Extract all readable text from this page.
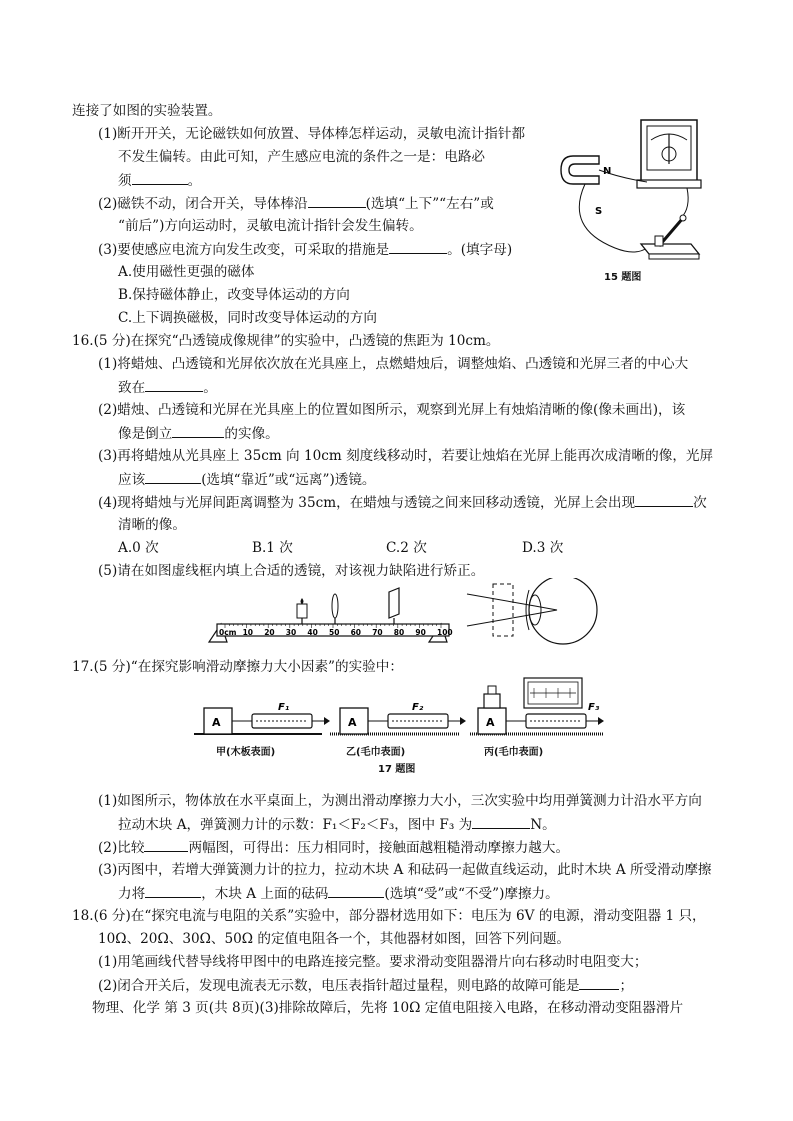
连接了如图的实验装置。
(1)断开开关，无论磁铁如何放置、导体棒怎样运动，灵敏电流计指针都
不发生偏转。由此可知，产生感应电流的条件之一是：电路必
须	。
(2)磁铁不动，闭合开关，导体棒沿	(选填“上下”“左右”或
“前后”)方向运动时，灵敏电流计指针会发生偏转。
(3)要使感应电流方向发生改变，可采取的措施是	。(填字母)
A.使用磁性更强的磁体
B.保持磁体静止，改变导体运动的方向
C.上下调换磁极，同时改变导体运动的方向
N
S
15 题图
16.(5 分)在探究“凸透镜成像规律”的实验中，凸透镜的焦距为 10cm。
(1)将蜡烛、凸透镜和光屏依次放在光具座上，点燃蜡烛后，调整烛焰、凸透镜和光屏三者的中心大
致在	。
(2)蜡烛、凸透镜和光屏在光具座上的位置如图所示，观察到光屏上有烛焰清晰的像(像未画出)，该
像是倒立	的实像。
(3)再将蜡烛从光具座上 35cm 向 10cm 刻度线移动时，若要让烛焰在光屏上能再次成清晰的像，光屏
应该	(选填“靠近”或“远离”)透镜。
(4)现将蜡烛与光屏间距离调整为 35cm，在蜡烛与透镜之间来回移动透镜，光屏上会出现	次
清晰的像。
A.0 次	B.1 次	C.2 次	D.3 次
(5)请在如图虚线框内填上合适的透镜，对该视力缺陷进行矫正。
0cm 10 20 30 40 50 60 70 80 90 100
17.(5 分)“在探究影响滑动摩擦力大小因素”的实验中：
A
F₁
A
F₂
A
F₃
甲(木板表面)	乙(毛巾表面)	丙(毛巾表面)
17 题图
(1)如图所示，物体放在水平桌面上，为测出滑动摩擦力大小，三次实验中均用弹簧测力计沿水平方向
拉动木块 A，弹簧测力计的示数：F₁＜F₂＜F₃，图中 F₃ 为	N。
(2)比较	两幅图，可得出：压力相同时，接触面越粗糙滑动摩擦力越大。
(3)丙图中，若增大弹簧测力计的拉力，拉动木块 A 和砝码一起做直线运动，此时木块 A 所受滑动摩擦
力将	，木块 A 上面的砝码	(选填“受”或“不受”)摩擦力。
18.(6 分)在“探究电流与电阻的关系”实验中，部分器材选用如下：电压为 6V 的电源，滑动变阻器 1 只，
10Ω、20Ω、30Ω、50Ω 的定值电阻各一个，其他器材如图，回答下列问题。
(1)用笔画线代替导线将甲图中的电路连接完整。要求滑动变阻器滑片向右移动时电阻变大；
(2)闭合开关后，发现电流表无示数，电压表指针超过量程，则电路的故障可能是	；
物理、化学 第 3 页(共 8页)(3)排除故障后，先将 10Ω 定值电阻接入电路，在移动滑动变阻器滑片
